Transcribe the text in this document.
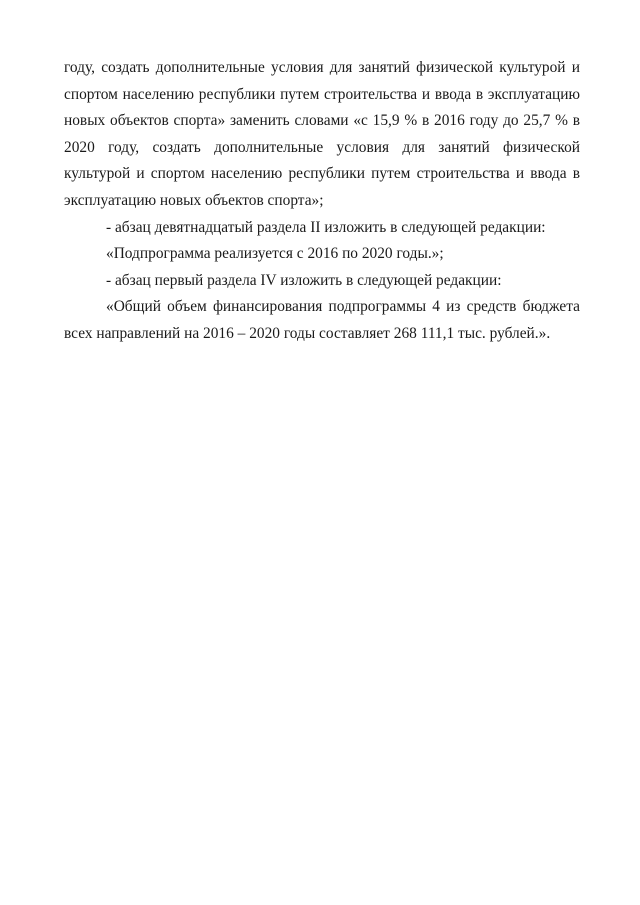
году, создать дополнительные условия для занятий физической культурой и спортом населению республики путем строительства и ввода в эксплуатацию новых объектов спорта» заменить словами «с 15,9 % в 2016 году до 25,7 % в 2020 году, создать дополнительные условия для занятий физической культурой и спортом населению республики путем строительства и ввода в эксплуатацию новых объектов спорта»;

- абзац девятнадцатый раздела II изложить в следующей редакции:

«Подпрограмма реализуется с 2016 по 2020 годы.»;

- абзац первый раздела IV изложить в следующей редакции:

«Общий объем финансирования подпрограммы 4 из средств бюджета всех направлений на 2016 – 2020 годы составляет 268 111,1 тыс. рублей.».
